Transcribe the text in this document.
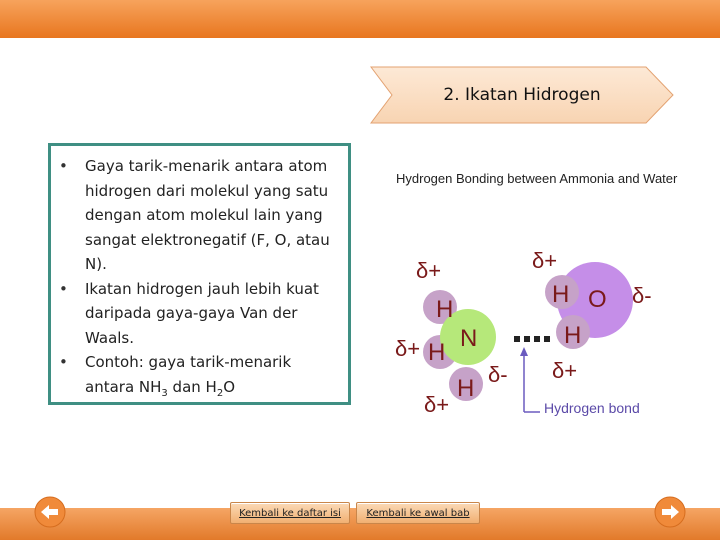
2. Ikatan Hidrogen
• Gaya tarik-menarik antara atom hidrogen dari molekul yang satu dengan atom molekul lain yang sangat elektronegatif (F, O, atau N).
• Ikatan hidrogen jauh lebih kuat daripada gaya-gaya Van der Waals.
• Contoh: gaya tarik-menarik antara $NH_3$ dan $H_2O$
Hydrogen Bonding between Ammonia and Water
H
H
H
N
δ+
δ+
δ+
δ-
O
H
H
δ+
δ-
δ+
Hydrogen bond
Kembali ke daftar isi	Kembali ke awal bab
